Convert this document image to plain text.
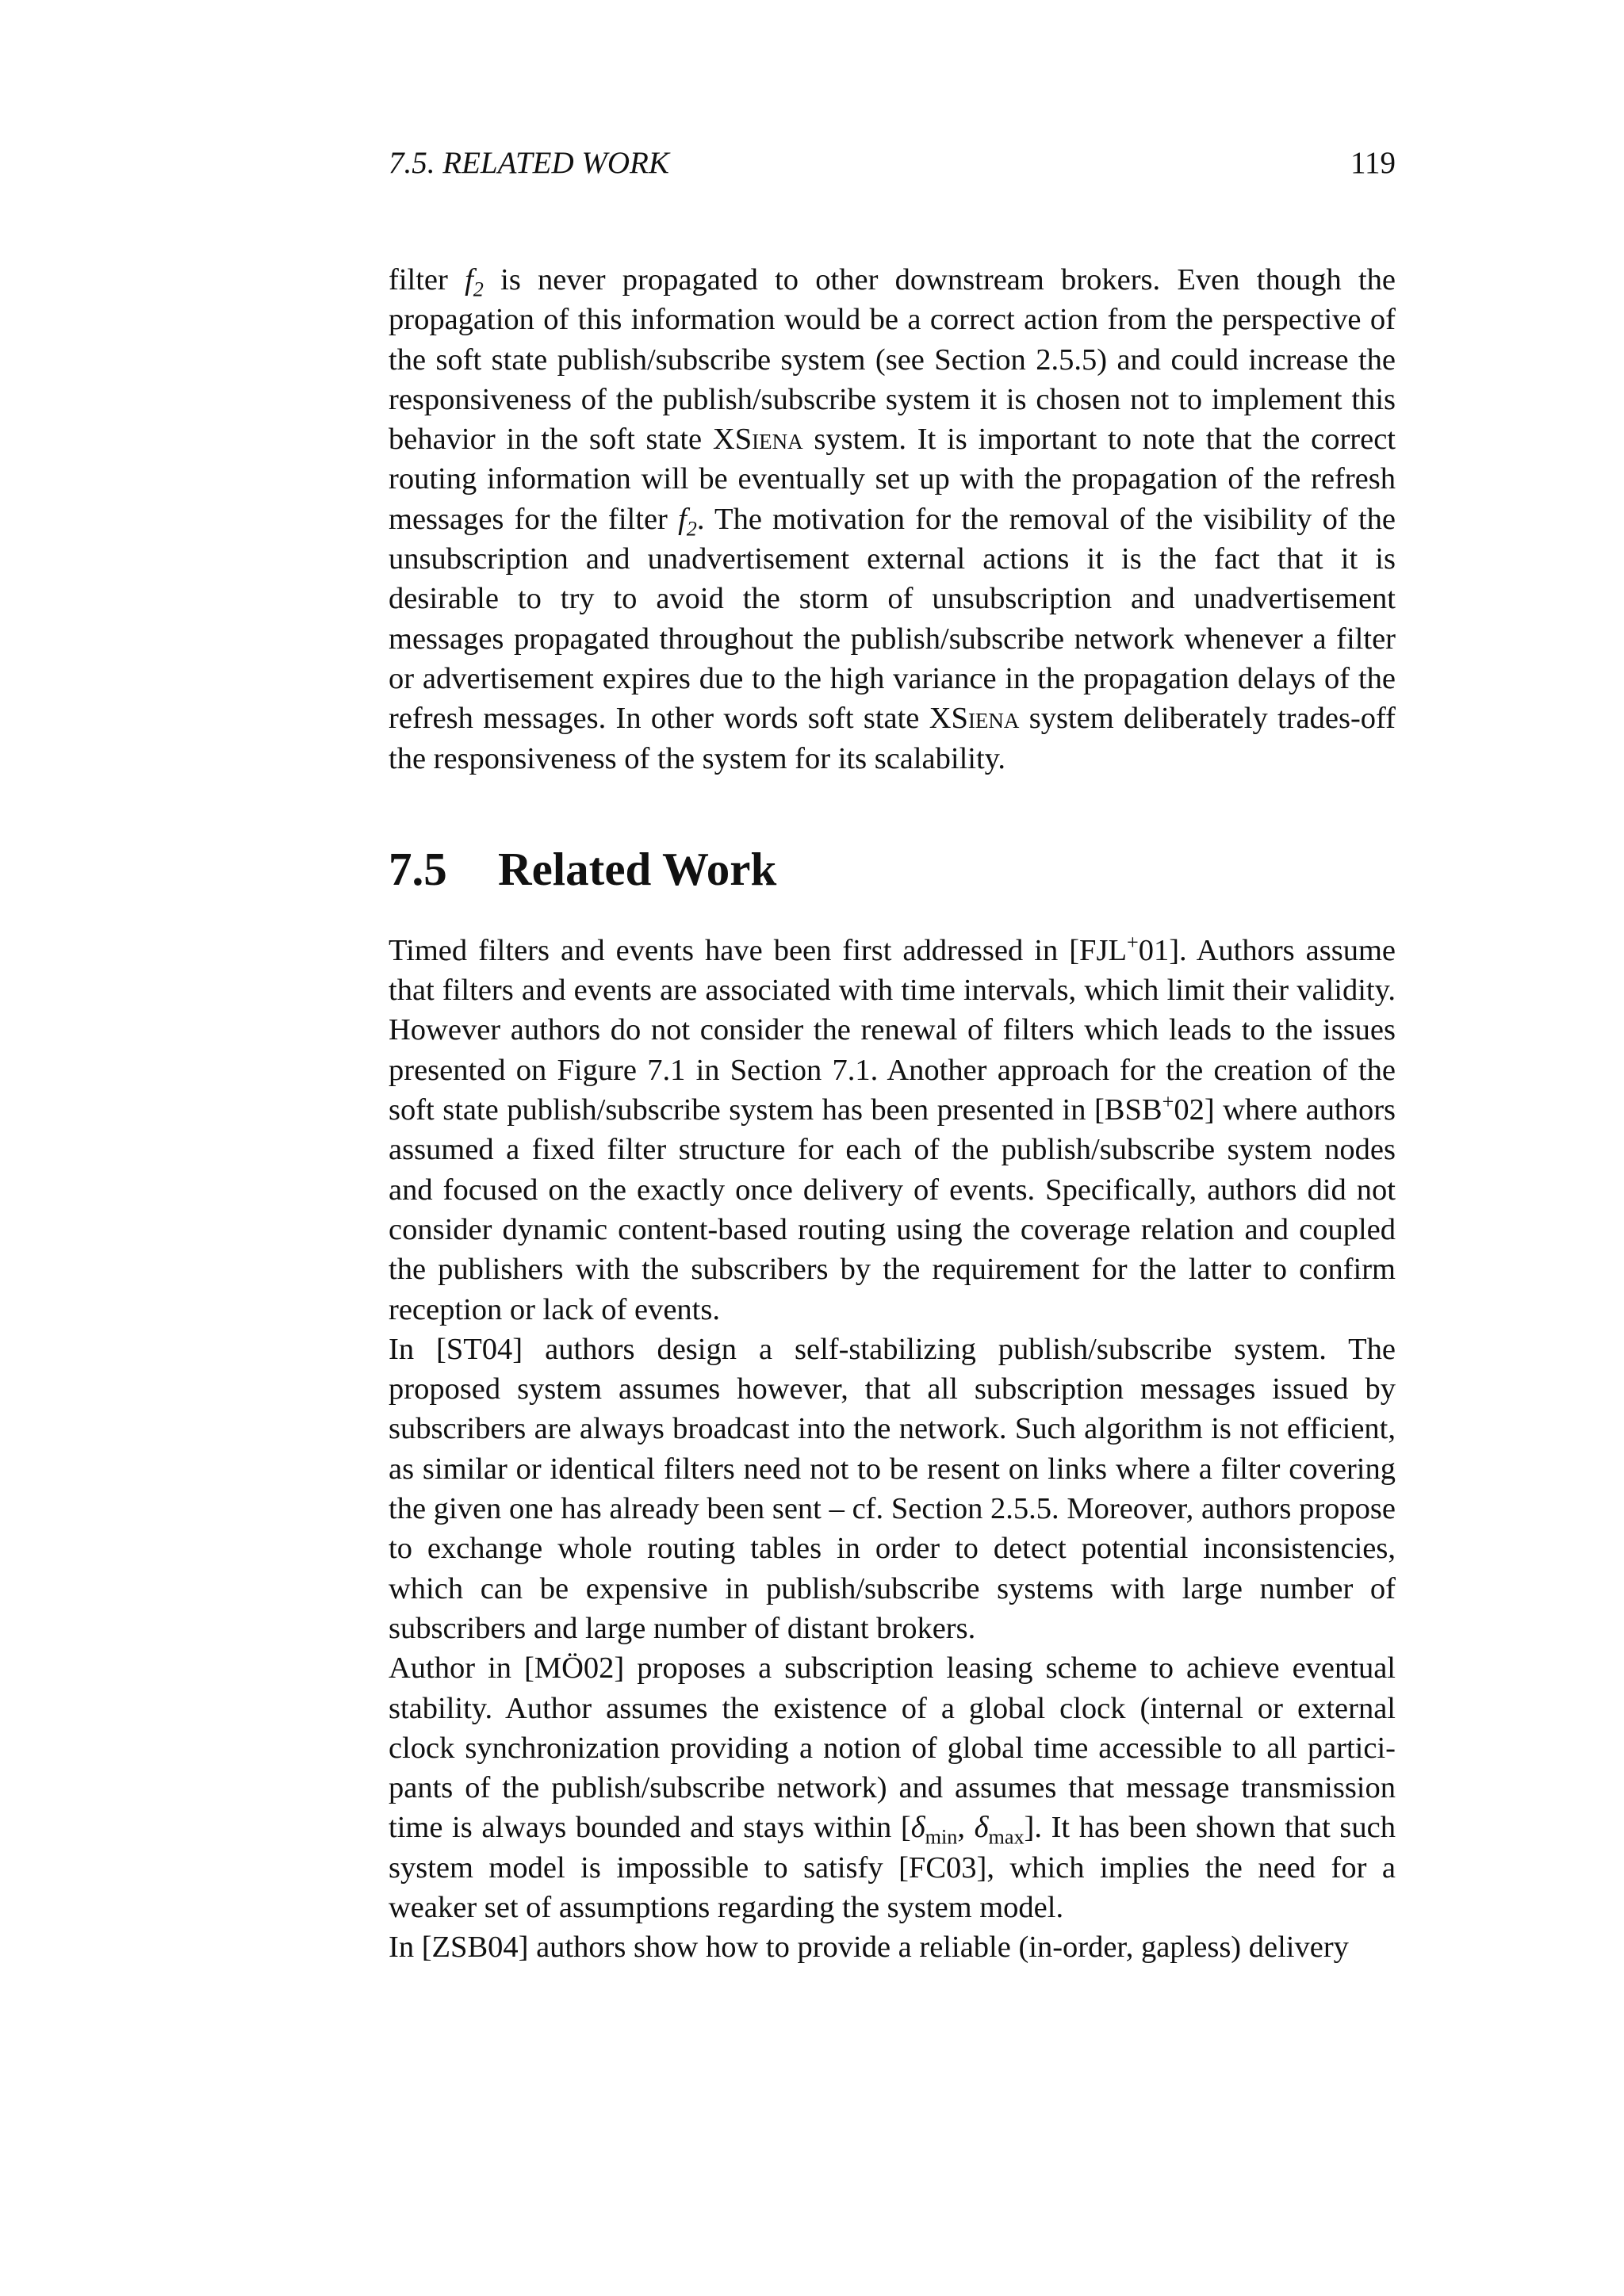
7.5. RELATED WORK	119

filter $f_2$ is never propagated to other downstream brokers. Even though the propagation of this information would be a correct action from the perspective of the soft state publish/subscribe system (see Section 2.5.5) and could increase the responsiveness of the publish/subscribe system it is chosen not to implement this behavior in the soft state XSiena system. It is important to note that the correct routing information will be eventually set up with the propagation of the refresh messages for the filter $f_2$. The motivation for the removal of the visibility of the unsubscription and unadvertisement external actions it is the fact that it is desirable to try to avoid the storm of unsubscription and unadvertisement messages propagated throughout the publish/subscribe network whenever a filter or advertisement expires due to the high variance in the propagation delays of the refresh messages. In other words soft state XSiena system deliberately trades-off the responsiveness of the system for its scalability.

7.5 Related Work

Timed filters and events have been first addressed in [FJL+01]. Authors assume that filters and events are associated with time intervals, which limit their validity. However authors do not consider the renewal of filters which leads to the issues presented on Figure 7.1 in Section 7.1. Another approach for the creation of the soft state publish/subscribe system has been presented in [BSB+02] where authors assumed a fixed filter structure for each of the publish/subscribe system nodes and focused on the exactly once delivery of events. Specifically, authors did not consider dynamic content-based routing using the coverage relation and coupled the publishers with the subscribers by the requirement for the latter to confirm reception or lack of events.

In [ST04] authors design a self-stabilizing publish/subscribe system. The proposed system assumes however, that all subscription messages issued by subscribers are always broadcast into the network. Such algorithm is not efficient, as similar or identical filters need not to be resent on links where a filter covering the given one has already been sent – cf. Section 2.5.5. Moreover, authors propose to exchange whole routing tables in order to detect potential inconsistencies, which can be expensive in publish/subscribe systems with large number of subscribers and large number of distant brokers.

Author in [MÖ02] proposes a subscription leasing scheme to achieve eventual stability. Author assumes the existence of a global clock (internal or external clock synchronization providing a notion of global time accessible to all participants of the publish/subscribe network) and assumes that message transmission time is always bounded and stays within [$\delta_{min}$, $\delta_{max}$]. It has been shown that such system model is impossible to satisfy [FC03], which implies the need for a weaker set of assumptions regarding the system model.

In [ZSB04] authors show how to provide a reliable (in-order, gapless) delivery
